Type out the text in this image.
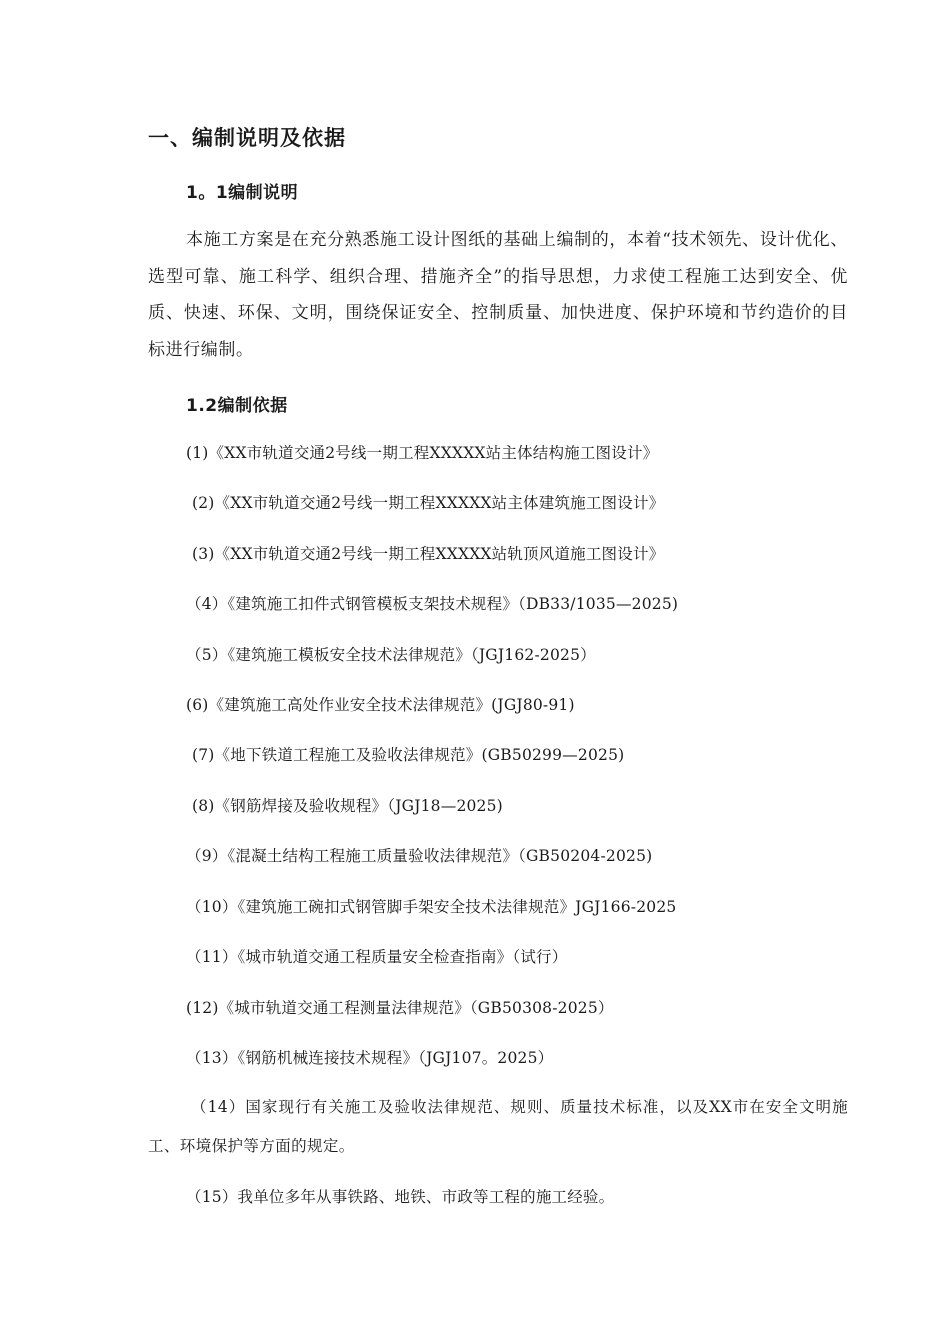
一、编制说明及依据
1。1编制说明
本施工方案是在充分熟悉施工设计图纸的基础上编制的，本着“技术领先、设计优化、选型可靠、施工科学、组织合理、措施齐全”的指导思想，力求使工程施工达到安全、优质、快速、环保、文明，围绕保证安全、控制质量、加快进度、保护环境和节约造价的目标进行编制。
1.2编制依据
(1)《XX市轨道交通2号线一期工程XXXXX站主体结构施工图设计》
(2)《XX市轨道交通2号线一期工程XXXXX站主体建筑施工图设计》
(3)《XX市轨道交通2号线一期工程XXXXX站轨顶风道施工图设计》
（4）《建筑施工扣件式钢管模板支架技术规程》（DB33/1035—2025)
（5）《建筑施工模板安全技术法律规范》（JGJ162-2025）
(6)《建筑施工高处作业安全技术法律规范》(JGJ80-91)
(7)《地下铁道工程施工及验收法律规范》(GB50299—2025)
(8)《钢筋焊接及验收规程》（JGJ18—2025)
（9）《混凝土结构工程施工质量验收法律规范》（GB50204-2025)
（10）《建筑施工碗扣式钢管脚手架安全技术法律规范》JGJ166-2025
（11）《城市轨道交通工程质量安全检查指南》（试行）
(12)《城市轨道交通工程测量法律规范》（GB50308-2025）
（13）《钢筋机械连接技术规程》（JGJ107。2025）
（14）国家现行有关施工及验收法律规范、规则、质量技术标准，以及XX市在安全文明施工、环境保护等方面的规定。
（15）我单位多年从事铁路、地铁、市政等工程的施工经验。
